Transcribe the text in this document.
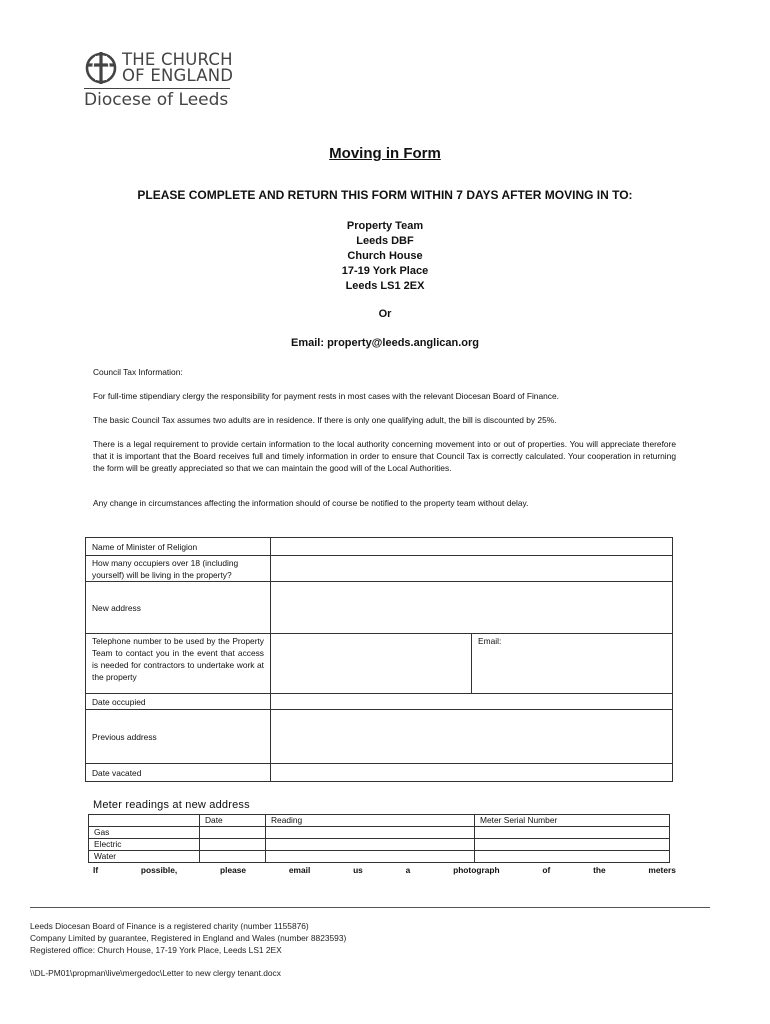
THE CHURCH
OF ENGLAND
Diocese of Leeds
Moving in Form
PLEASE COMPLETE AND RETURN THIS FORM WITHIN 7 DAYS AFTER MOVING IN TO:
Property Team
Leeds DBF
Church House
17-19 York Place
Leeds LS1 2EX
Or
Email: property@leeds.anglican.org
Council Tax Information:
For full-time stipendiary clergy the responsibility for payment rests in most cases with the relevant Diocesan Board of Finance.
The basic Council Tax assumes two adults are in residence. If there is only one qualifying adult, the bill is discounted by 25%.
There is a legal requirement to provide certain information to the local authority concerning movement into or out of properties. You will appreciate therefore that it is important that the Board receives full and timely information in order to ensure that Council Tax is correctly calculated. Your cooperation in returning the form will be greatly appreciated so that we can maintain the good will of the Local Authorities.
Any change in circumstances affecting the information should of course be notified to the property team without delay.
Name of Minister of Religion		
How many occupiers over 18 (including yourself) will be living in the property?		
New address		
Telephone number to be used by the Property Team to contact you in the event that access is needed for contractors to undertake work at the property		Email:
Date occupied		
Previous address		
Date vacated		
Meter readings at new address
	Date	Reading	Meter Serial Number
Gas			
Electric			
Water			
If	possible,	please	email	us	a	photograph	of	the	meters
Leeds Diocesan Board of Finance is a registered charity (number 1155876)
Company Limited by guarantee, Registered in England and Wales (number 8823593)
Registered office: Church House, 17-19 York Place, Leeds LS1 2EX
\\DL-PM01\propman\live\mergedoc\Letter to new clergy tenant.docx
